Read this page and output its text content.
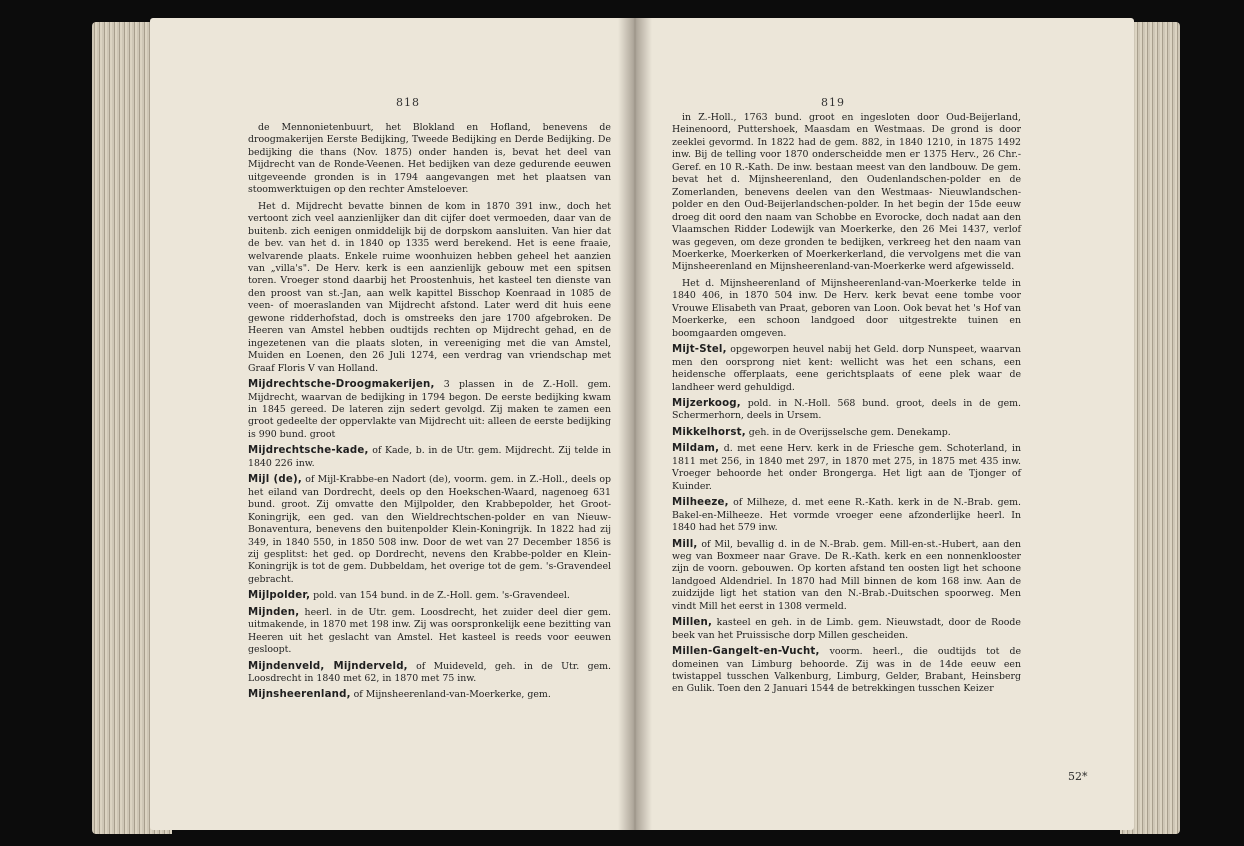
818

de Mennonietenbuurt, het Blokland en Hofland, benevens de droogmakerijen Eerste Bedijking, Tweede Bedijking en Derde Bedijking. De bedijking die thans (Nov. 1875) onder handen is, bevat het deel van Mijdrecht van de Ronde-Veenen. Het bedijken van deze gedurende eeuwen uitgeveende gronden is in 1794 aangevangen met het plaatsen van stoomwerktuigen op den rechter Amsteloever.

Het d. Mijdrecht bevatte binnen de kom in 1870 391 inw., doch het vertoont zich veel aanzienlijker dan dit cijfer doet vermoeden, daar van de buitenb. zich eenigen onmiddelijk bij de dorpskom aansluiten. Van hier dat de bev. van het d. in 1840 op 1335 werd berekend. Het is eene fraaie, welvarende plaats. Enkele ruime woonhuizen hebben geheel het aanzien van „villa's". De Herv. kerk is een aanzienlijk gebouw met een spitsen toren. Vroeger stond daarbij het Proostenhuis, het kasteel ten dienste van den proost van st.-Jan, aan welk kapittel Bisschop Koenraad in 1085 de veen- of moeraslanden van Mijdrecht afstond. Later werd dit huis eene gewone ridderhofstad, doch is omstreeks den jare 1700 afgebroken. De Heeren van Amstel hebben oudtijds rechten op Mijdrecht gehad, en de ingezetenen van die plaats sloten, in vereeniging met die van Amstel, Muiden en Loenen, den 26 Juli 1274, een verdrag van vriendschap met Graaf Floris V van Holland.

Mijdrechtsche-Droogmakerijen, 3 plassen in de Z.-Holl. gem. Mijdrecht, waarvan de bedijking in 1794 begon. De eerste bedijking kwam in 1845 gereed. De lateren zijn sedert gevolgd. Zij maken te zamen een groot gedeelte der oppervlakte van Mijdrecht uit: alleen de eerste bedijking is 990 bund. groot

Mijdrechtsche-kade, of Kade, b. in de Utr. gem. Mijdrecht. Zij telde in 1840 226 inw.

Mijl (de), of Mijl-Krabbe-en Nadort (de), voorm. gem. in Z.-Holl., deels op het eiland van Dordrecht, deels op den Hoekschen-Waard, nagenoeg 631 bund. groot. Zij omvatte den Mijlpolder, den Krabbepolder, het Groot-Koningrijk, een ged. van den Wieldrechtschen-polder en van Nieuw-Bonaventura, benevens den buitenpolder Klein-Koningrijk. In 1822 had zij 349, in 1840 550, in 1850 508 inw. Door de wet van 27 December 1856 is zij gesplitst: het ged. op Dordrecht, nevens den Krabbe-polder en Klein-Koningrijk is tot de gem. Dubbeldam, het overige tot de gem. 's-Gravendeel gebracht.

Mijlpolder, pold. van 154 bund. in de Z.-Holl. gem. 's-Gravendeel.

Mijnden, heerl. in de Utr. gem. Loosdrecht, het zuider deel dier gem. uitmakende, in 1870 met 198 inw. Zij was oorspronkelijk eene bezitting van Heeren uit het geslacht van Amstel. Het kasteel is reeds voor eeuwen gesloopt.

Mijndenveld, Mijnderveld, of Muideveld, geh. in de Utr. gem. Loosdrecht in 1840 met 62, in 1870 met 75 inw.

Mijnsheerenland, of Mijnsheerenland-van-Moerkerke, gem.

819

in Z.-Holl., 1763 bund. groot en ingesloten door Oud-Beijerland, Heinenoord, Puttershoek, Maasdam en Westmaas. De grond is door zeeklei gevormd. In 1822 had de gem. 882, in 1840 1210, in 1875 1492 inw. Bij de telling voor 1870 onderscheidde men er 1375 Herv., 26 Chr.-Geref. en 10 R.-Kath. De inw. bestaan meest van den landbouw. De gem. bevat het d. Mijnsheerenland, den Oudenlandschen-polder en de Zomerlanden, benevens deelen van den Westmaas- Nieuwlandschen-polder en den Oud-Beijerlandschen-polder. In het begin der 15de eeuw droeg dit oord den naam van Schobbe en Evorocke, doch nadat aan den Vlaamschen Ridder Lodewijk van Moerkerke, den 26 Mei 1437, verlof was gegeven, om deze gronden te bedijken, verkreeg het den naam van Moerkerke, Moerkerken of Moerkerkerland, die vervolgens met die van Mijnsheerenland en Mijnsheerenland-van-Moerkerke werd afgewisseld.

Het d. Mijnsheerenland of Mijnsheerenland-van-Moerkerke telde in 1840 406, in 1870 504 inw. De Herv. kerk bevat eene tombe voor Vrouwe Elisabeth van Praat, geboren van Loon. Ook bevat het 's Hof van Moerkerke, een schoon landgoed door uitgestrekte tuinen en boomgaarden omgeven.

Mijt-Stel, opgeworpen heuvel nabij het Geld. dorp Nunspeet, waarvan men den oorsprong niet kent: wellicht was het een schans, een heidensche offerplaats, eene gerichtsplaats of eene plek waar de landheer werd gehuldigd.

Mijzerkoog, pold. in N.-Holl. 568 bund. groot, deels in de gem. Schermerhorn, deels in Ursem.

Mikkelhorst, geh. in de Overijsselsche gem. Denekamp.

Mildam, d. met eene Herv. kerk in de Friesche gem. Schoterland, in 1811 met 256, in 1840 met 297, in 1870 met 275, in 1875 met 435 inw. Vroeger behoorde het onder Brongerga. Het ligt aan de Tjonger of Kuinder.

Milheeze, of Milheze, d. met eene R.-Kath. kerk in de N.-Brab. gem. Bakel-en-Milheeze. Het vormde vroeger eene afzonderlijke heerl. In 1840 had het 579 inw.

Mill, of Mil, bevallig d. in de N.-Brab. gem. Mill-en-st.-Hubert, aan den weg van Boxmeer naar Grave. De R.-Kath. kerk en een nonnenklooster zijn de voorn. gebouwen. Op korten afstand ten oosten ligt het schoone landgoed Aldendriel. In 1870 had Mill binnen de kom 168 inw. Aan de zuidzijde ligt het station van den N.-Brab.-Duitschen spoorweg. Men vindt Mill het eerst in 1308 vermeld.

Millen, kasteel en geh. in de Limb. gem. Nieuwstadt, door de Roode beek van het Pruissische dorp Millen gescheiden.

Millen-Gangelt-en-Vucht, voorm. heerl., die oudtijds tot de domeinen van Limburg behoorde. Zij was in de 14de eeuw een twistappel tusschen Valkenburg, Limburg, Gelder, Brabant, Heinsberg en Gulik. Toen den 2 Januari 1544 de betrekkingen tusschen Keizer

52*
